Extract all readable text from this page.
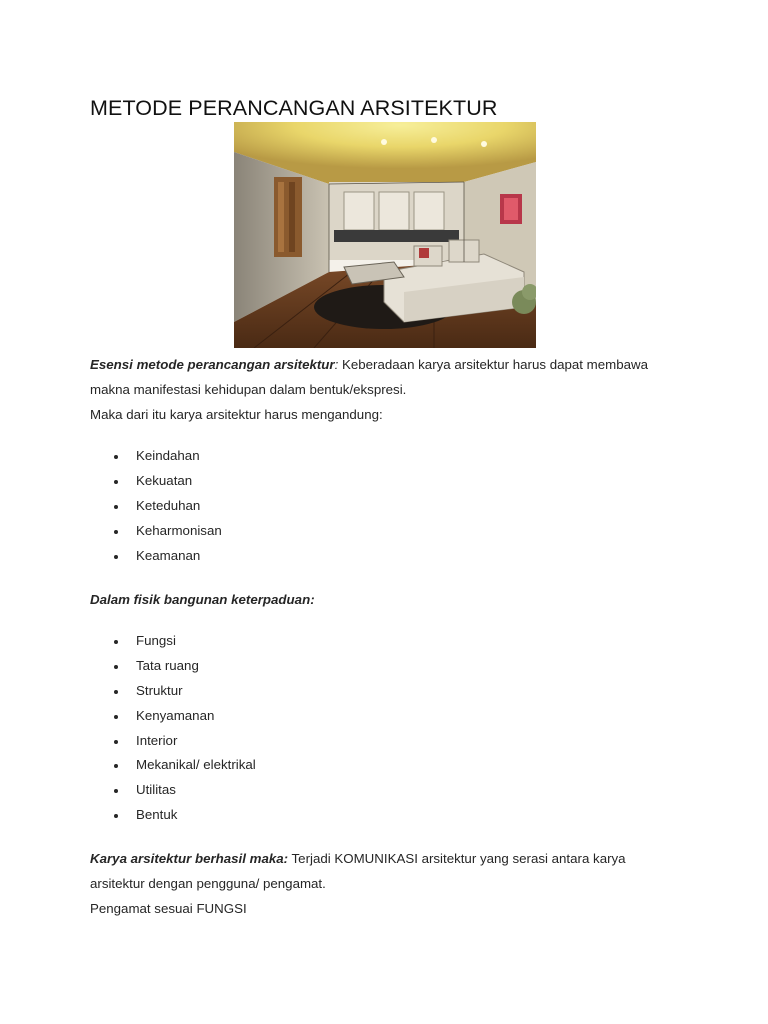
METODE PERANCANGAN ARSITEKTUR

Esensi metode perancangan arsitektur: Keberadaan karya arsitektur harus dapat membawa
makna manifestasi kehidupan dalam bentuk/ekspresi.
Maka dari itu karya arsitektur harus mengandung:

Keindahan
Kekuatan
Keteduhan
Keharmonisan
Keamanan

Dalam fisik bangunan keterpaduan:

Fungsi
Tata ruang
Struktur
Kenyamanan
Interior
Mekanikal/ elektrikal
Utilitas
Bentuk

Karya arsitektur berhasil maka: Terjadi KOMUNIKASI arsitektur yang serasi antara karya
arsitektur dengan pengguna/ pengamat.
Pengamat sesuai FUNGSI
